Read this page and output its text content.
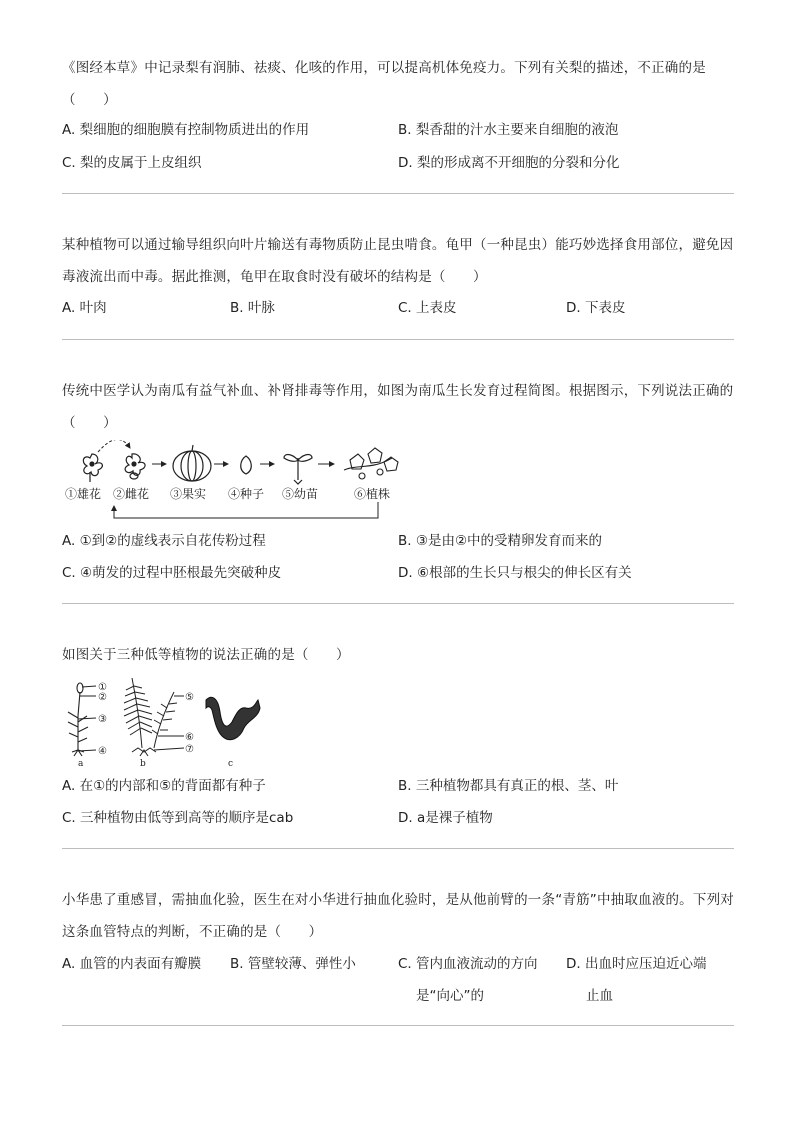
《图经本草》中记录梨有润肺、祛痰、化咳的作用，可以提高机体免疫力。下列有关梨的描述，不正确的是（　　）
A. 梨细胞的细胞膜有控制物质进出的作用	B. 梨香甜的汁水主要来自细胞的液泡
C. 梨的皮属于上皮组织	D. 梨的形成离不开细胞的分裂和分化
某种植物可以通过输导组织向叶片输送有毒物质防止昆虫啃食。龟甲（一种昆虫）能巧妙选择食用部位，避免因毒液流出而中毒。据此推测，龟甲在取食时没有破坏的结构是（　　）
A. 叶肉	B. 叶脉	C. 上表皮	D. 下表皮
传统中医学认为南瓜有益气补血、补肾排毒等作用，如图为南瓜生长发育过程简图。根据图示，下列说法正确的（　　）
①雄花 ②雌花 ③果实 ④种子 ⑤幼苗	⑥植株
A. ①到②的虚线表示自花传粉过程	B. ③是由②中的受精卵发育而来的
C. ④萌发的过程中胚根最先突破种皮	D. ⑥根部的生长只与根尖的伸长区有关
如图关于三种低等植物的说法正确的是（　　）
①
②
③
④
a
⑤
⑥
⑦
b	c
A. 在①的内部和⑤的背面都有种子	B. 三种植物都具有真正的根、茎、叶
C. 三种植物由低等到高等的顺序是cab	D. a是裸子植物
小华患了重感冒，需抽血化验，医生在对小华进行抽血化验时，是从他前臂的一条“青筋”中抽取血液的。下列对这条血管特点的判断，不正确的是（　　）
A. 血管的内表面有瓣膜 B. 管壁较薄、弹性小	C. 管内血液流动的方向
是“向心”的
D. 出血时应压迫近心端
止血
